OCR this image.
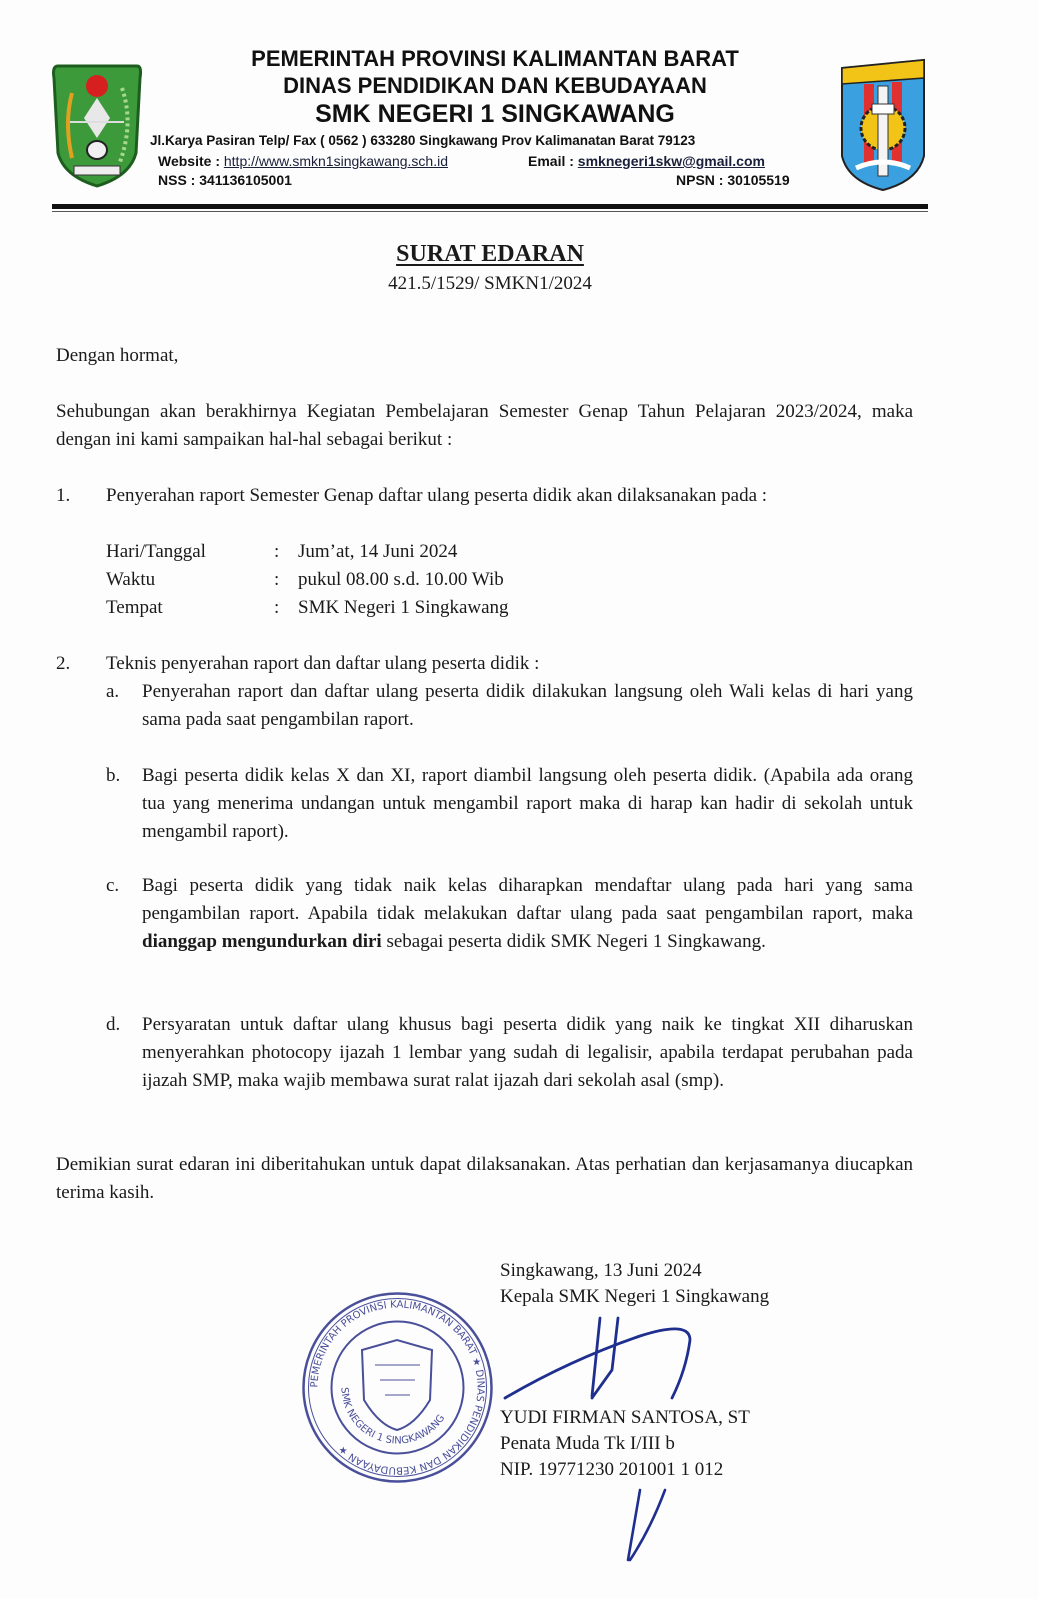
PEMERINTAH PROVINSI KALIMANTAN BARAT
DINAS PENDIDIKAN DAN KEBUDAYAAN
SMK NEGERI 1 SINGKAWANG
Jl.Karya Pasiran Telp/ Fax ( 0562 ) 633280 Singkawang Prov Kalimanatan Barat 79123
Website : http://www.smkn1singkawang.sch.id	Email : smknegeri1skw@gmail.com
NSS : 341136105001	NPSN : 30105519
SURAT EDARAN
421.5/1529/ SMKN1/2024
Dengan hormat,
Sehubungan akan berakhirnya Kegiatan Pembelajaran Semester Genap Tahun Pelajaran 2023/2024, maka dengan ini kami sampaikan hal-hal sebagai berikut :
1. Penyerahan raport Semester Genap daftar ulang peserta didik akan dilaksanakan pada :
Hari/Tanggal	: Jum’at, 14 Juni 2024
Waktu	: pukul 08.00 s.d. 10.00 Wib
Tempat	: SMK Negeri 1 Singkawang
2. Teknis penyerahan raport dan daftar ulang peserta didik :
a. Penyerahan raport dan daftar ulang peserta didik dilakukan langsung oleh Wali kelas di hari yang sama pada saat pengambilan raport.
b. Bagi peserta didik kelas X dan XI, raport diambil langsung oleh peserta didik. (Apabila ada orang tua yang menerima undangan untuk mengambil raport maka di harap kan hadir di sekolah untuk mengambil raport).
c. Bagi peserta didik yang tidak naik kelas diharapkan mendaftar ulang pada hari yang sama pengambilan raport. Apabila tidak melakukan daftar ulang pada saat pengambilan raport, maka dianggap mengundurkan diri sebagai peserta didik SMK Negeri 1 Singkawang.
d. Persyaratan untuk daftar ulang khusus bagi peserta didik yang naik ke tingkat XII diharuskan menyerahkan photocopy ijazah 1 lembar yang sudah di legalisir, apabila terdapat perubahan pada ijazah SMP, maka wajib membawa surat ralat ijazah dari sekolah asal (smp).
Demikian surat edaran ini diberitahukan untuk dapat dilaksanakan. Atas perhatian dan kerjasamanya diucapkan terima kasih.
PEMERINTAH PROVINSI KALIMANTAN BARAT ★ DINAS PENDIDIKAN DAN KEBUDAYAAN ★
SMK NEGERI 1 SINGKAWANG
Singkawang, 13 Juni 2024
Kepala SMK Negeri 1 Singkawang
YUDI FIRMAN SANTOSA, ST
Penata Muda Tk I/III b
NIP. 19771230 201001 1 012
